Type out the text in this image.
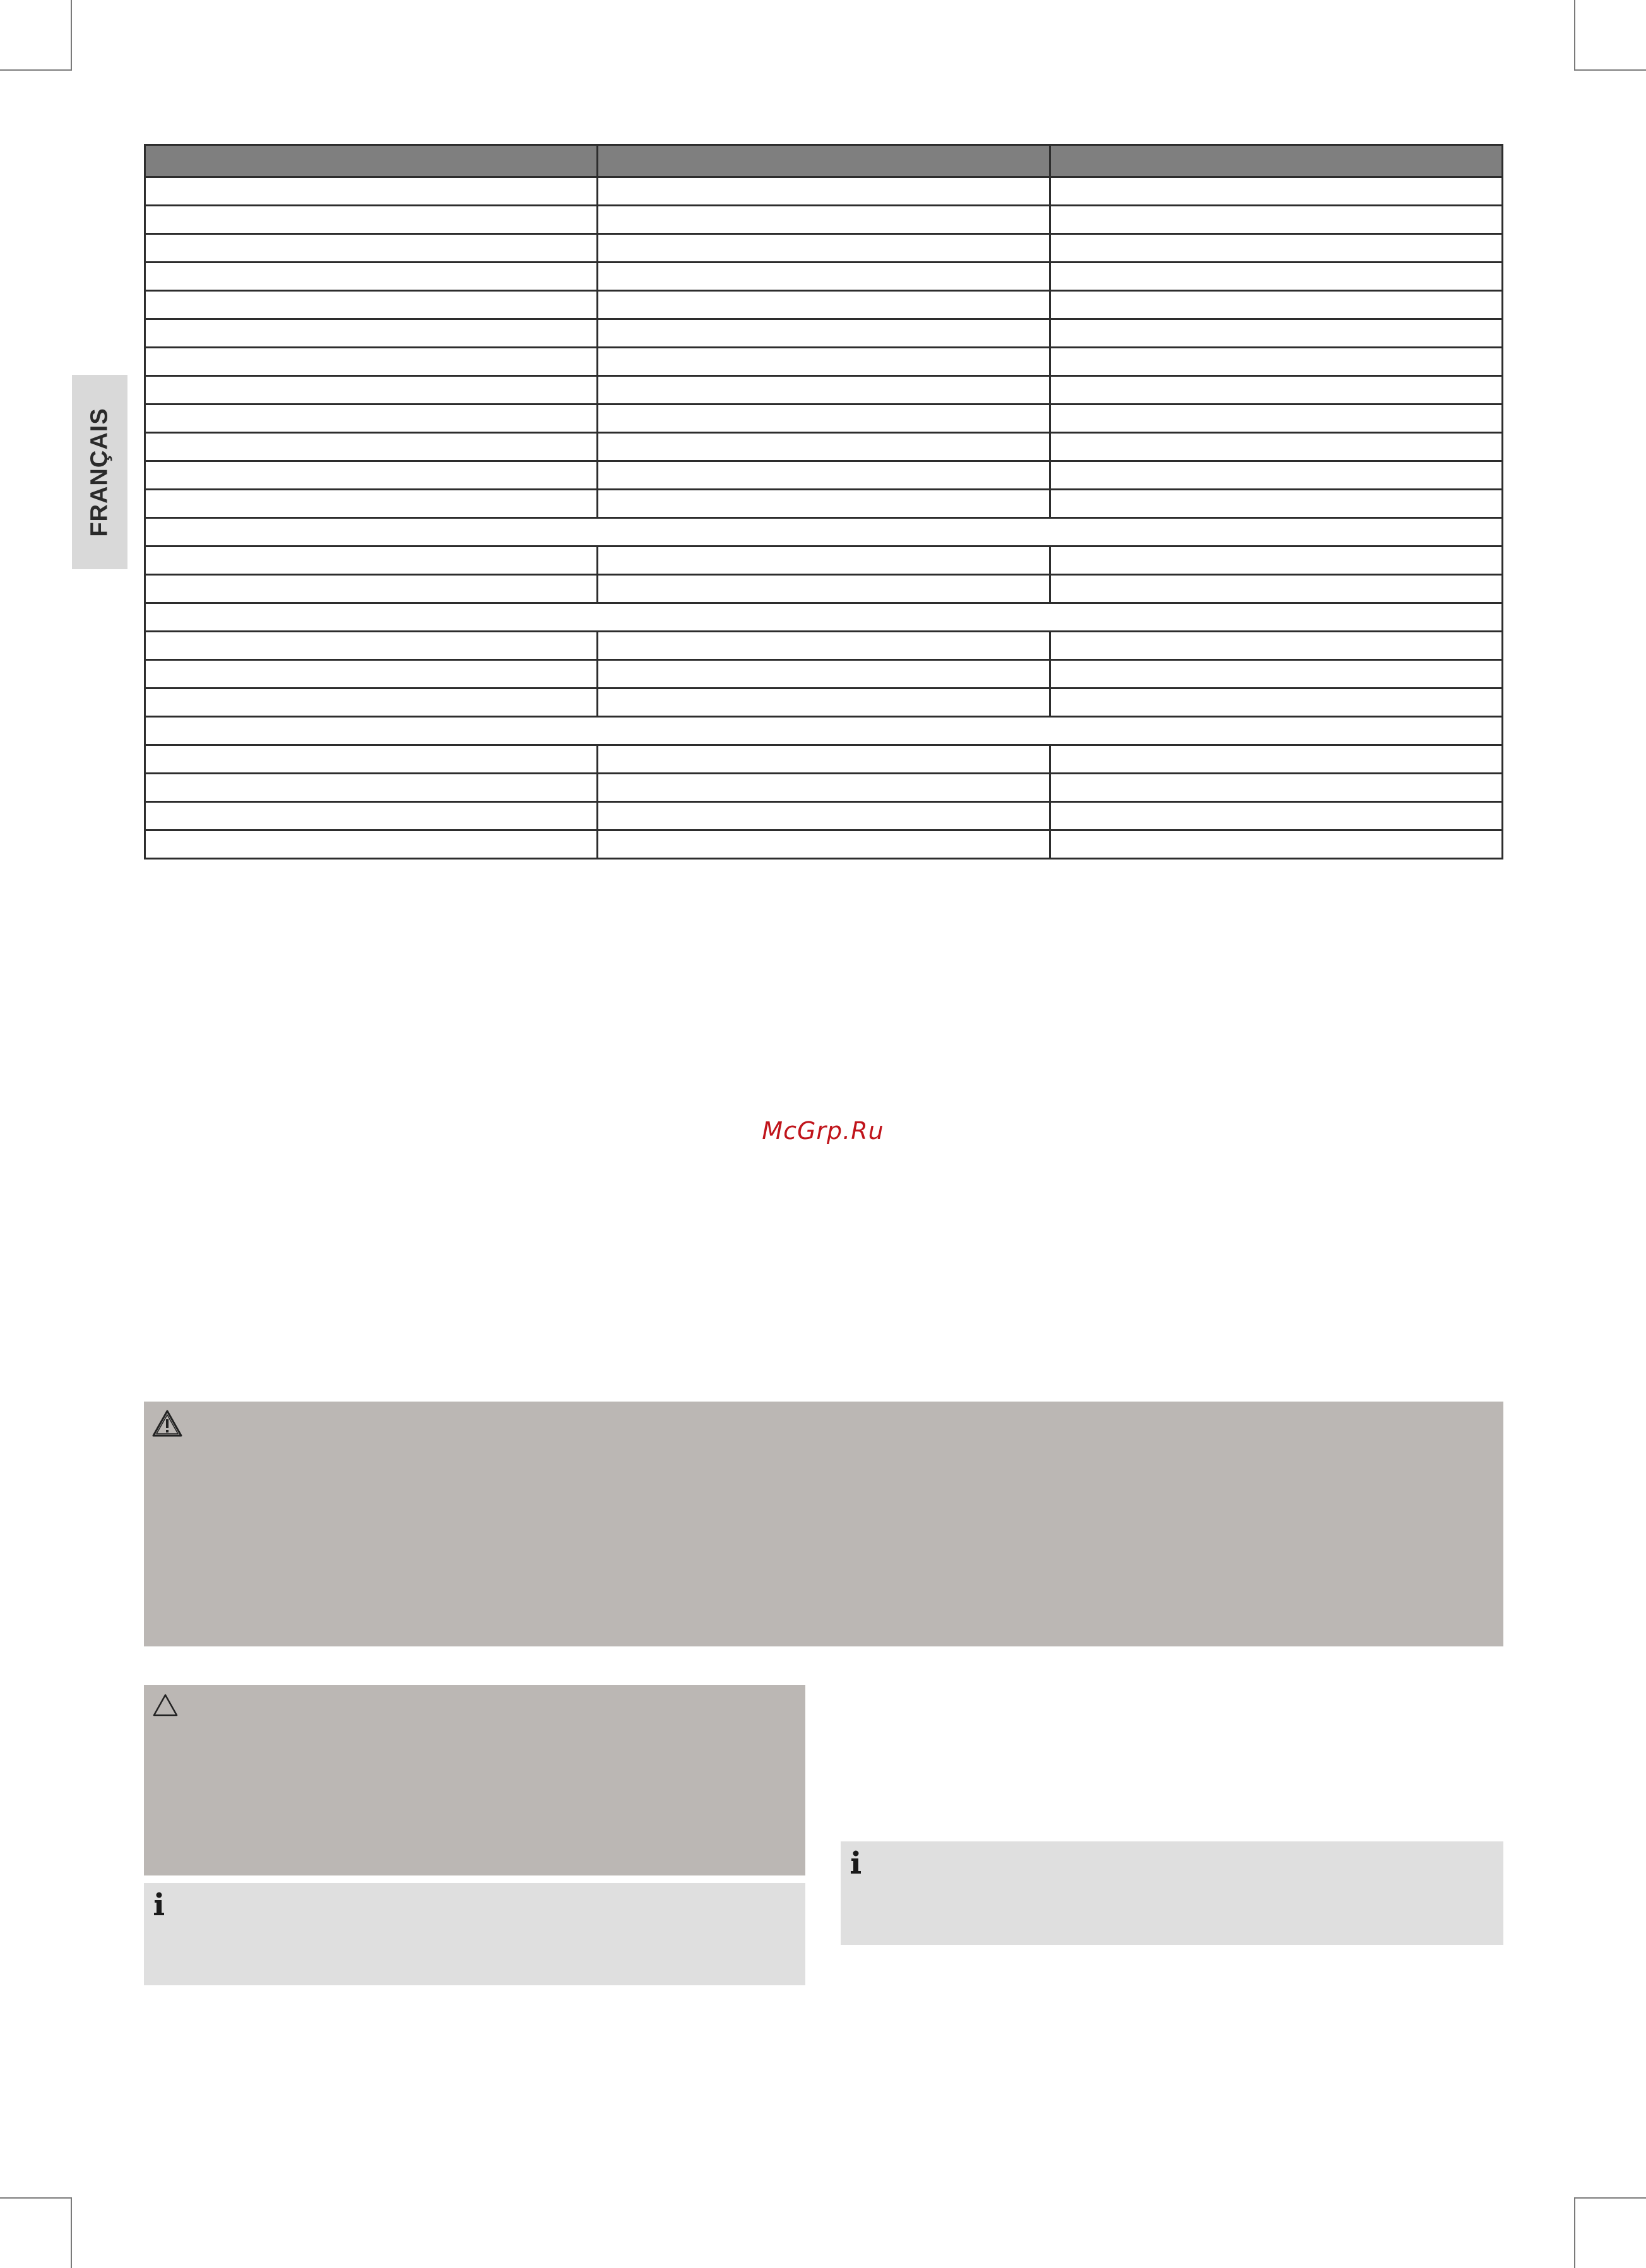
FRANÇAIS

McGrp.Ru
